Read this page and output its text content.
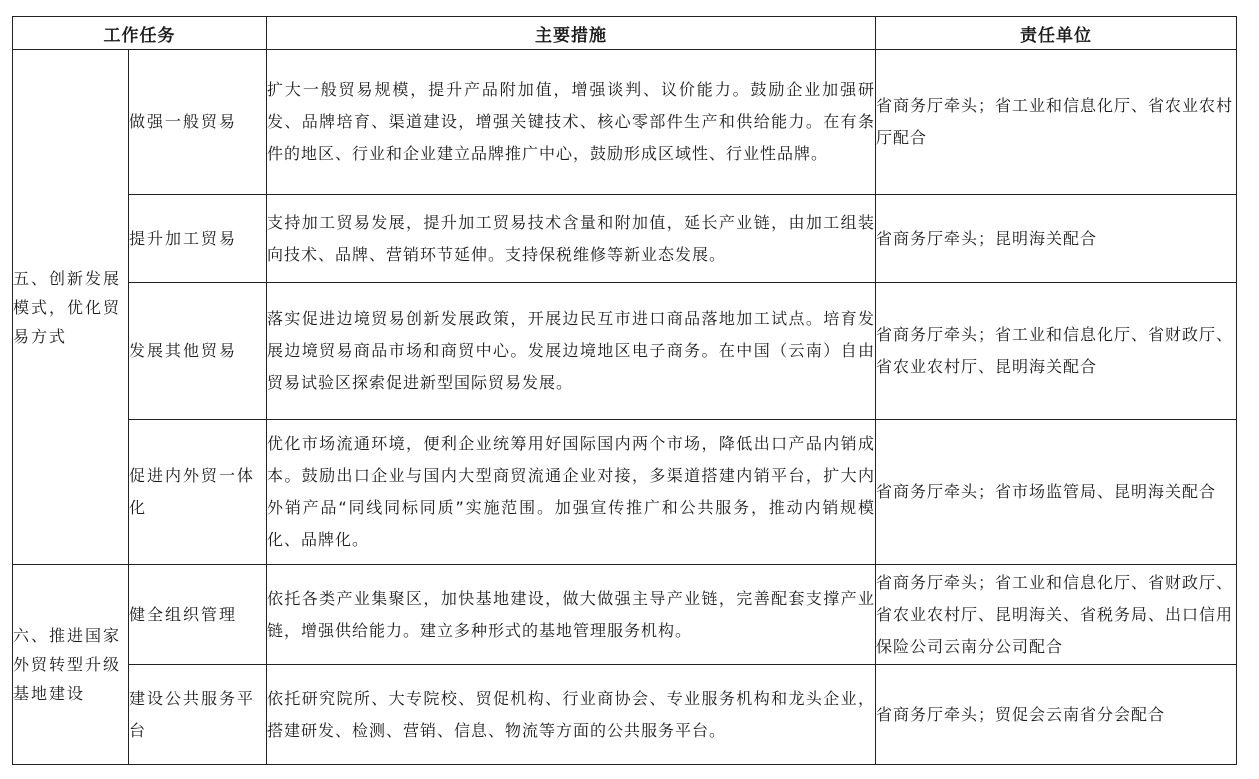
工作任务		主要措施	责任单位
五、创新发展模式，优化贸易方式	做强一般贸易	扩大一般贸易规模，提升产品附加值，增强谈判、议价能力。鼓励企业加强研发、品牌培育、渠道建设，增强关键技术、核心零部件生产和供给能力。在有条件的地区、行业和企业建立品牌推广中心，鼓励形成区域性、行业性品牌。	省商务厅牵头；省工业和信息化厅、省农业农村厅配合
	提升加工贸易	支持加工贸易发展，提升加工贸易技术含量和附加值，延长产业链，由加工组装向技术、品牌、营销环节延伸。支持保税维修等新业态发展。	省商务厅牵头；昆明海关配合
	发展其他贸易	落实促进边境贸易创新发展政策，开展边民互市进口商品落地加工试点。培育发展边境贸易商品市场和商贸中心。发展边境地区电子商务。在中国（云南）自由贸易试验区探索促进新型国际贸易发展。	省商务厅牵头；省工业和信息化厅、省财政厅、省农业农村厅、昆明海关配合
	促进内外贸一体化	优化市场流通环境，便利企业统筹用好国际国内两个市场，降低出口产品内销成本。鼓励出口企业与国内大型商贸流通企业对接，多渠道搭建内销平台，扩大内外销产品“同线同标同质”实施范围。加强宣传推广和公共服务，推动内销规模化、品牌化。	省商务厅牵头；省市场监管局、昆明海关配合
六、推进国家外贸转型升级基地建设	健全组织管理	依托各类产业集聚区，加快基地建设，做大做强主导产业链，完善配套支撑产业链，增强供给能力。建立多种形式的基地管理服务机构。	省商务厅牵头；省工业和信息化厅、省财政厅、省农业农村厅、昆明海关、省税务局、出口信用保险公司云南分公司配合
	建设公共服务平台	依托研究院所、大专院校、贸促机构、行业商协会、专业服务机构和龙头企业，搭建研发、检测、营销、信息、物流等方面的公共服务平台。	省商务厅牵头；贸促会云南省分会配合
